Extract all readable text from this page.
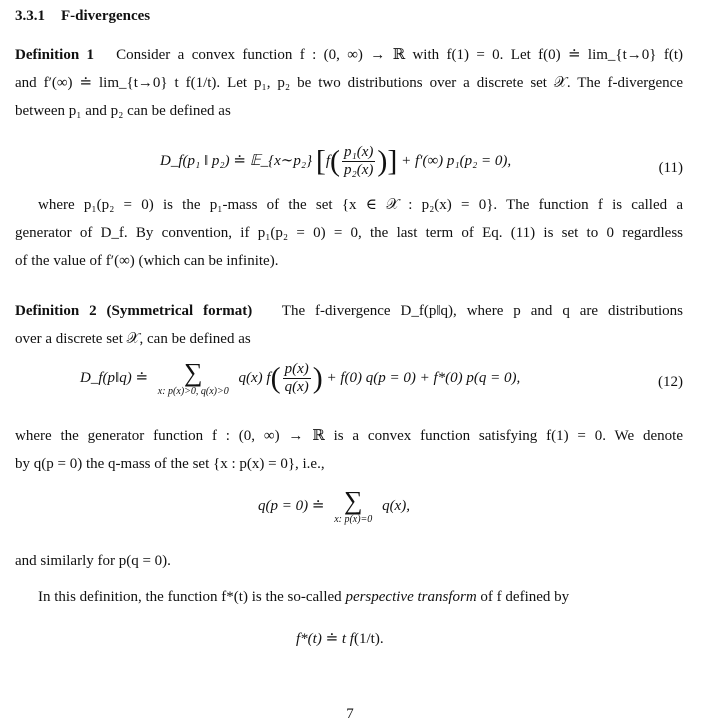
3.3.1 F-divergences
Definition 1 Consider a convex function f : (0, ∞) → ℝ with f(1) = 0. Let f(0) ≐ lim_{t→0} f(t)
and f′(∞) ≐ lim_{t→0} t f(1/t). Let p₁, p₂ be two distributions over a discrete set 𝒳. The f-divergence
between p₁ and p₂ can be defined as
D_f(p₁ ‖ p₂) ≐ 𝔼_{x∼p₂} [$f( \frac{\text{p₁(x)}}{\text{p₂(x)}}$ )] + f′(∞) p₁(p₂ = 0),	(11)
where p₁(p₂ = 0) is the p₁-mass of the set {x ∈ 𝒳 : p₂(x) = 0}. The function f is called a
generator of D_f. By convention, if p₁(p₂ = 0) = 0, the last term of Eq. (11) is set to 0 regardless
of the value of f′(∞) (which can be infinite).
Definition 2 (Symmetrical format) The f-divergence D_f(p‖q), where p and q are distributions
over a discrete set 𝒳, can be defined as
D_f(p‖q) ≐	∑
x: p(x)>0, q(x)>0
q(x) $f( \frac{p(x)}{q(x)}$ ) + f(0) q(p = 0) + f*(0) p(q = 0),	(12)
where the generator function f : (0, ∞) → ℝ is a convex function satisfying f(1) = 0. We denote
by q(p = 0) the q-mass of the set {x : p(x) = 0}, i.e.,
q(p = 0) ≐ ∑
x: p(x)=0
q(x),
and similarly for p(q = 0).
In this definition, the function f*(t) is the so-called perspective transform of f defined by
f*(t) ≐ t f(1/t).
7
